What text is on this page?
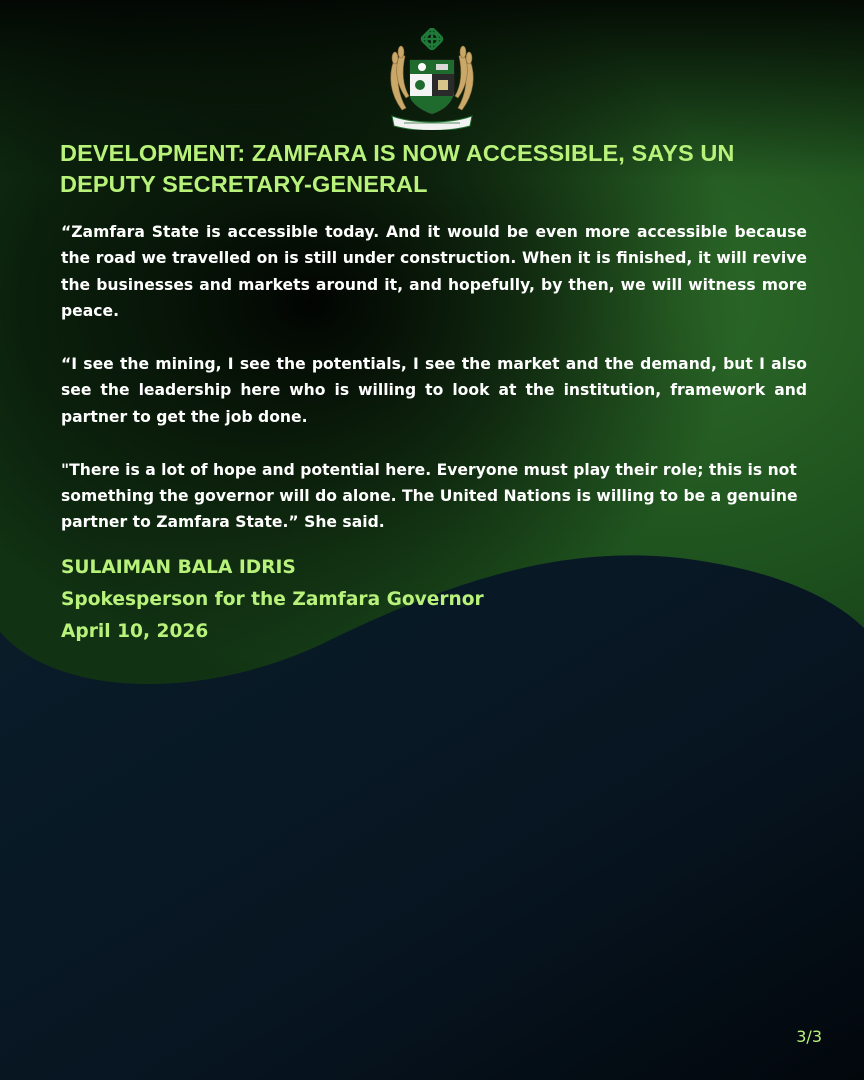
DEVELOPMENT: ZAMFARA IS NOW ACCESSIBLE, SAYS UN DEPUTY SECRETARY-GENERAL

“Zamfara State is accessible today. And it would be even more accessible because the road we travelled on is still under construction. When it is finished, it will revive the businesses and markets around it, and hopefully, by then, we will witness more peace.

“I see the mining, I see the potentials, I see the market and the demand, but I also see the leadership here who is willing to look at the institution, framework and partner to get the job done.

"There is a lot of hope and potential here. Everyone must play their role; this is not something the governor will do alone. The United Nations is willing to be a genuine partner to Zamfara State.” She said.

SULAIMAN BALA IDRIS
Spokesperson for the Zamfara Governor
April 10, 2026
3/3
